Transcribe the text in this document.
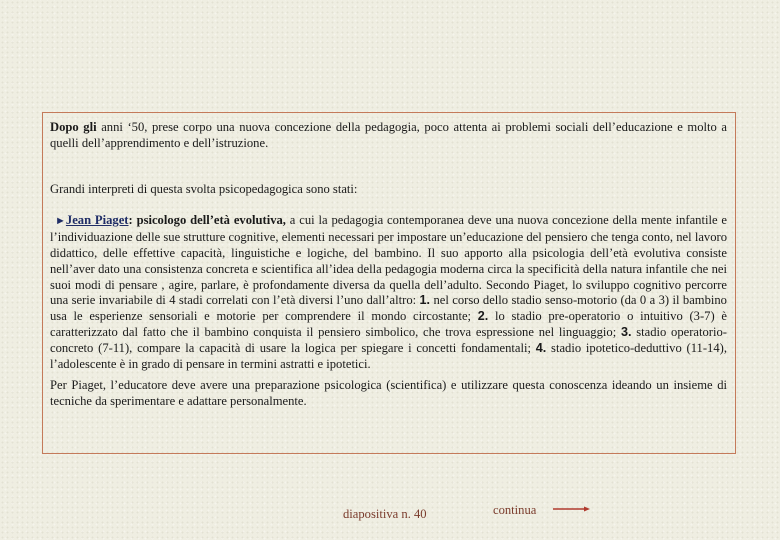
Dopo gli anni ‘50, prese corpo una nuova concezione della pedagogia, poco attenta ai problemi sociali dell’educazione e molto a quelli dell’apprendimento e dell’istruzione.

Grandi interpreti di questa svolta psicopedagogica sono stati:

►Jean Piaget: psicologo dell’età evolutiva, a cui la pedagogia contemporanea deve una nuova concezione della mente infantile e l’individuazione delle sue strutture cognitive, elementi necessari per impostare un’educazione del pensiero che tenga conto, nel lavoro didattico, delle effettive capacità, linguistiche e logiche, del bambino. Il suo apporto alla psicologia dell’età evolutiva consiste nell’aver dato una consistenza concreta e scientifica all’idea della pedagogia moderna circa la specificità della natura infantile che nei suoi modi di pensare , agire, parlare, è profondamente diversa da quella dell’adulto. Secondo Piaget, lo sviluppo cognitivo percorre una serie invariabile di 4 stadi correlati con l’età diversi l’uno dall’altro: 1. nel corso dello stadio senso-motorio (da 0 a 3) il bambino usa le esperienze sensoriali e motorie per comprendere il mondo circostante; 2. lo stadio pre-operatorio o intuitivo (3-7) è caratterizzato dal fatto che il bambino conquista il pensiero simbolico, che trova espressione nel linguaggio; 3. stadio operatorio-concreto (7-11), compare la capacità di usare la logica per spiegare i concetti fondamentali; 4. stadio ipotetico-deduttivo (11-14), l’adolescente è in grado di pensare in termini astratti e ipotetici.

Per Piaget, l’educatore deve avere una preparazione psicologica (scientifica) e utilizzare questa conoscenza ideando un insieme di tecniche da sperimentare e adattare personalmente.

diapositiva n. 40	continua
